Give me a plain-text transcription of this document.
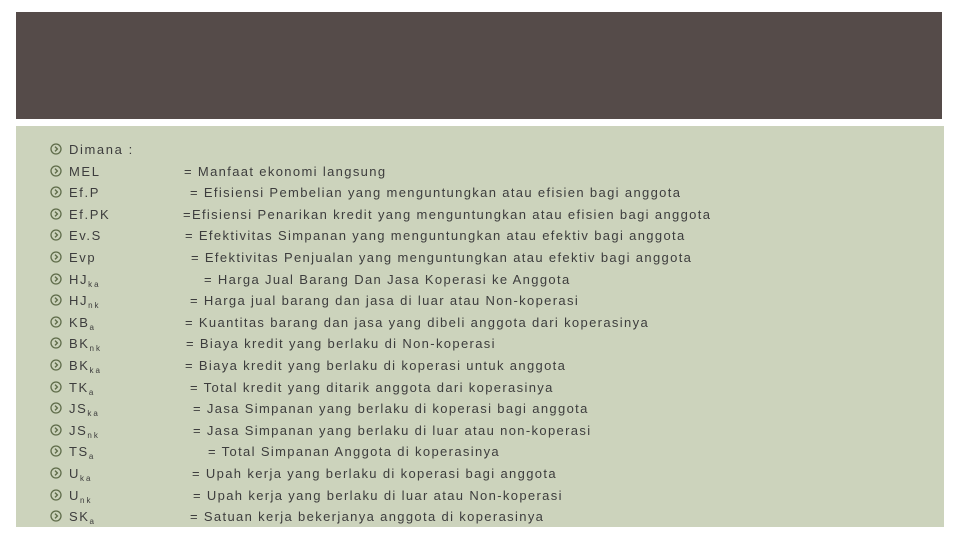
Dimana :
MEL	= Manfaat ekonomi langsung
Ef.P	= Efisiensi Pembelian yang menguntungkan atau efisien bagi anggota
Ef.PK	=Efisiensi Penarikan kredit yang menguntungkan atau efisien bagi anggota
Ev.S	= Efektivitas Simpanan yang menguntungkan atau efektiv bagi anggota
Evp	= Efektivitas Penjualan yang menguntungkan atau efektiv bagi anggota
$HJ_{ka}$	= Harga Jual Barang Dan Jasa Koperasi ke Anggota
$HJ_{nk}$	= Harga jual barang dan jasa di luar atau Non-koperasi
$KB_a$	= Kuantitas barang dan jasa yang dibeli anggota dari koperasinya
$BK_{nk}$	= Biaya kredit yang berlaku di Non-koperasi
$BK_{ka}$	= Biaya kredit yang berlaku di koperasi untuk anggota
$TK_a$	= Total kredit yang ditarik anggota dari koperasinya
$JS_{ka}$	= Jasa Simpanan yang berlaku di koperasi bagi anggota
$JS_{nk}$	= Jasa Simpanan yang berlaku di luar atau non-koperasi
$TS_a$	= Total Simpanan Anggota di koperasinya
$U_{ka}$	= Upah kerja yang berlaku di koperasi bagi anggota
$U_{nk}$	= Upah kerja yang berlaku di luar atau Non-koperasi
$SK_a$	= Satuan kerja bekerjanya anggota di koperasinya
